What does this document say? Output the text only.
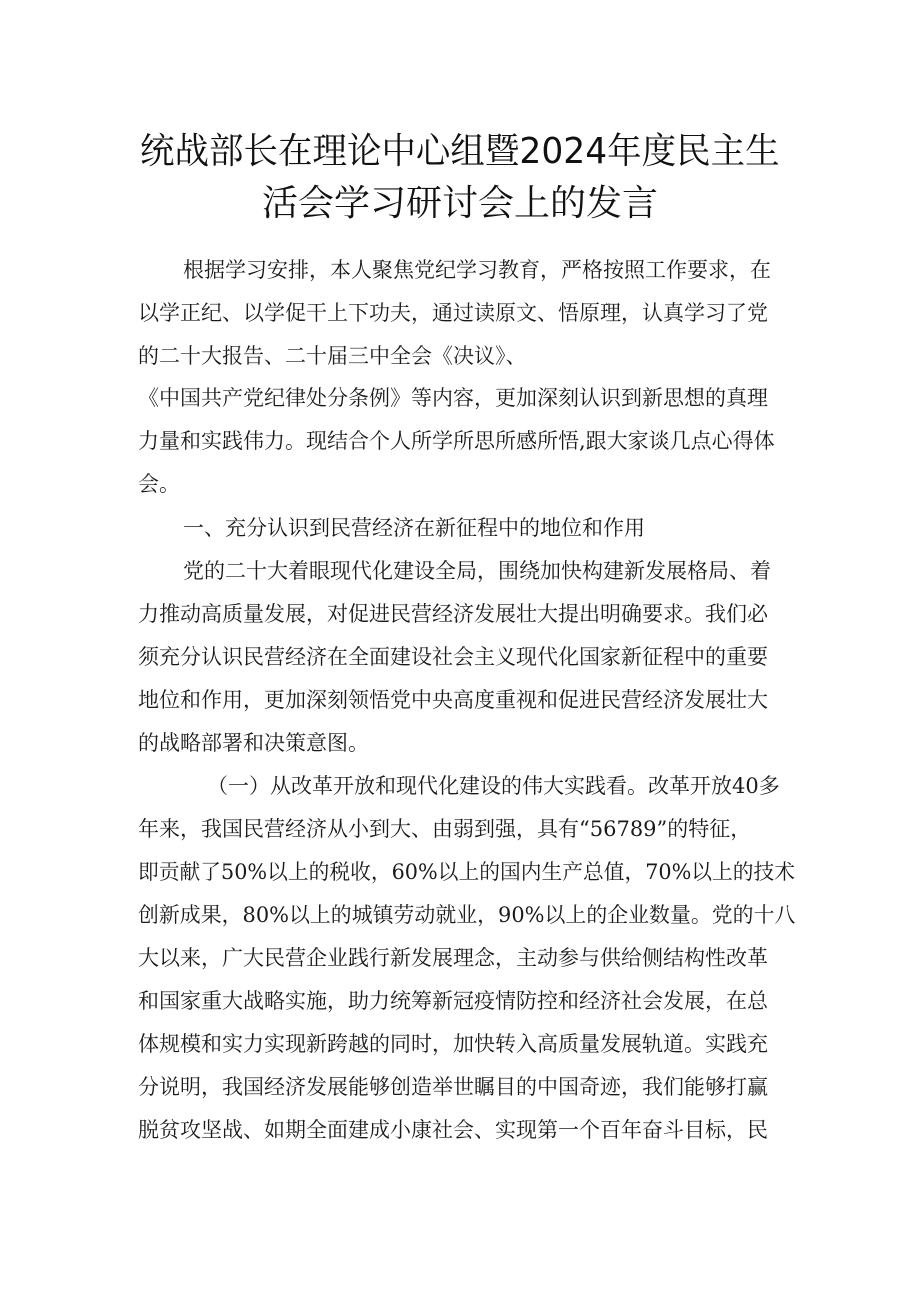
统战部长在理论中心组暨2024年度民主生
活会学习研讨会上的发言
根据学习安排，本人聚焦党纪学习教育，严格按照工作要求，在
以学正纪、以学促干上下功夫，通过读原文、悟原理，认真学习了党
的二十大报告、二十届三中全会《决议》、
《中国共产党纪律处分条例》等内容，更加深刻认识到新思想的真理
力量和实践伟力。现结合个人所学所思所感所悟,跟大家谈几点心得体
会。
一、充分认识到民营经济在新征程中的地位和作用
党的二十大着眼现代化建设全局，围绕加快构建新发展格局、着
力推动高质量发展，对促进民营经济发展壮大提出明确要求。我们必
须充分认识民营经济在全面建设社会主义现代化国家新征程中的重要
地位和作用，更加深刻领悟党中央高度重视和促进民营经济发展壮大
的战略部署和决策意图。
（一）从改革开放和现代化建设的伟大实践看。改革开放40多
年来，我国民营经济从小到大、由弱到强，具有“56789”的特征，
即贡献了50%以上的税收，60%以上的国内生产总值，70%以上的技术
创新成果，80%以上的城镇劳动就业，90%以上的企业数量。党的十八
大以来，广大民营企业践行新发展理念，主动参与供给侧结构性改革
和国家重大战略实施，助力统筹新冠疫情防控和经济社会发展，在总
体规模和实力实现新跨越的同时，加快转入高质量发展轨道。实践充
分说明，我国经济发展能够创造举世瞩目的中国奇迹，我们能够打赢
脱贫攻坚战、如期全面建成小康社会、实现第一个百年奋斗目标，民
